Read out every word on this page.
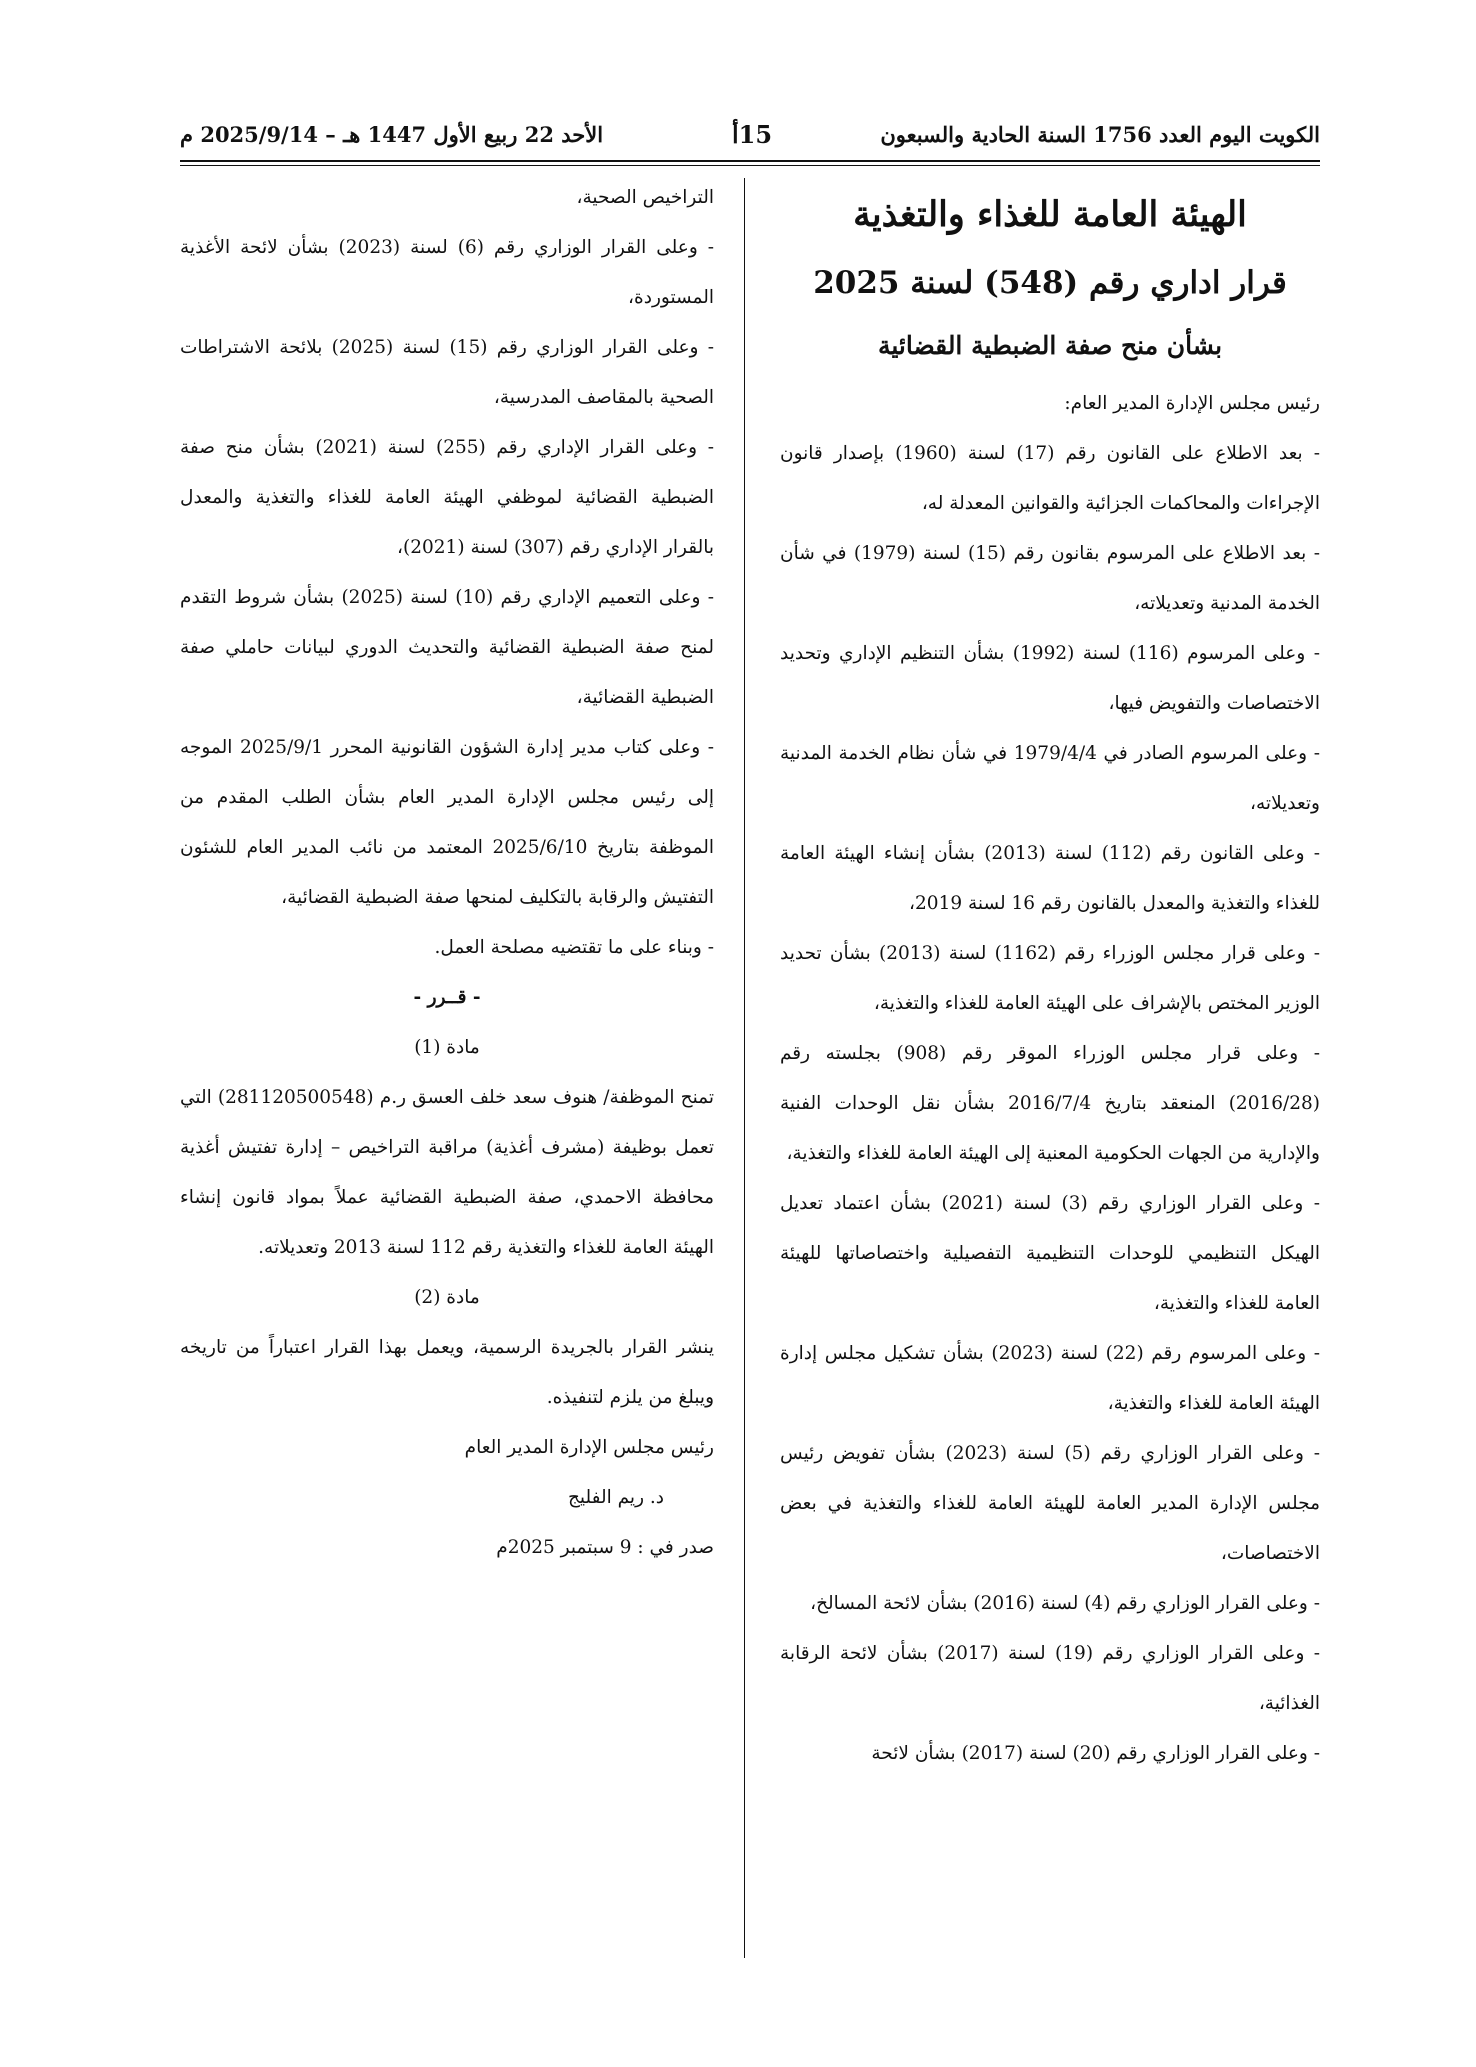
الكويت اليوم العدد 1756 السنة الحادية والسبعون
15أ
الأحد 22 ربيع الأول 1447 هـ – 2025/9/14 م
الهيئة العامة للغذاء والتغذية
قرار اداري رقم (548) لسنة 2025
بشأن منح صفة الضبطية القضائية

رئيس مجلس الإدارة المدير العام:

- بعد الاطلاع على القانون رقم (17) لسنة (1960) بإصدار قانون الإجراءات والمحاكمات الجزائية والقوانين المعدلة له،

- بعد الاطلاع على المرسوم بقانون رقم (15) لسنة (1979) في شأن الخدمة المدنية وتعديلاته،

- وعلى المرسوم (116) لسنة (1992) بشأن التنظيم الإداري وتحديد الاختصاصات والتفويض فيها،

- وعلى المرسوم الصادر في 1979/4/4 في شأن نظام الخدمة المدنية وتعديلاته،

- وعلى القانون رقم (112) لسنة (2013) بشأن إنشاء الهيئة العامة للغذاء والتغذية والمعدل بالقانون رقم 16 لسنة 2019،

- وعلى قرار مجلس الوزراء رقم (1162) لسنة (2013) بشأن تحديد الوزير المختص بالإشراف على الهيئة العامة للغذاء والتغذية،

- وعلى قرار مجلس الوزراء الموقر رقم (908) بجلسته رقم (2016/28) المنعقد بتاريخ 2016/7/4 بشأن نقل الوحدات الفنية والإدارية من الجهات الحكومية المعنية إلى الهيئة العامة للغذاء والتغذية،

- وعلى القرار الوزاري رقم (3) لسنة (2021) بشأن اعتماد تعديل الهيكل التنظيمي للوحدات التنظيمية التفصيلية واختصاصاتها للهيئة العامة للغذاء والتغذية،

- وعلى المرسوم رقم (22) لسنة (2023) بشأن تشكيل مجلس إدارة الهيئة العامة للغذاء والتغذية،

- وعلى القرار الوزاري رقم (5) لسنة (2023) بشأن تفويض رئيس مجلس الإدارة المدير العامة للهيئة العامة للغذاء والتغذية في بعض الاختصاصات،

- وعلى القرار الوزاري رقم (4) لسنة (2016) بشأن لائحة المسالخ،

- وعلى القرار الوزاري رقم (19) لسنة (2017) بشأن لائحة الرقابة الغذائية،

- وعلى القرار الوزاري رقم (20) لسنة (2017) بشأن لائحة

التراخيص الصحية،

- وعلى القرار الوزاري رقم (6) لسنة (2023) بشأن لائحة الأغذية المستوردة،

- وعلى القرار الوزاري رقم (15) لسنة (2025) بلائحة الاشتراطات الصحية بالمقاصف المدرسية،

- وعلى القرار الإداري رقم (255) لسنة (2021) بشأن منح صفة الضبطية القضائية لموظفي الهيئة العامة للغذاء والتغذية والمعدل بالقرار الإداري رقم (307) لسنة (2021)،

- وعلى التعميم الإداري رقم (10) لسنة (2025) بشأن شروط التقدم لمنح صفة الضبطية القضائية والتحديث الدوري لبيانات حاملي صفة الضبطية القضائية،

- وعلى كتاب مدير إدارة الشؤون القانونية المحرر 2025/9/1 الموجه إلى رئيس مجلس الإدارة المدير العام بشأن الطلب المقدم من الموظفة بتاريخ 2025/6/10 المعتمد من نائب المدير العام للشئون التفتيش والرقابة بالتكليف لمنحها صفة الضبطية القضائية،

- وبناء على ما تقتضيه مصلحة العمل.

- قــرر -

مادة (1)

تمنح الموظفة/ هنوف سعد خلف العسق ر.م (281120500548) التي تعمل بوظيفة (مشرف أغذية) مراقبة التراخيص – إدارة تفتيش أغذية محافظة الاحمدي، صفة الضبطية القضائية عملاً بمواد قانون إنشاء الهيئة العامة للغذاء والتغذية رقم 112 لسنة 2013 وتعديلاته.

مادة (2)

ينشر القرار بالجريدة الرسمية، ويعمل بهذا القرار اعتباراً من تاريخه ويبلغ من يلزم لتنفيذه.

رئيس مجلس الإدارة المدير العام

د. ريم الفليج

صدر في : 9 سبتمبر 2025م
